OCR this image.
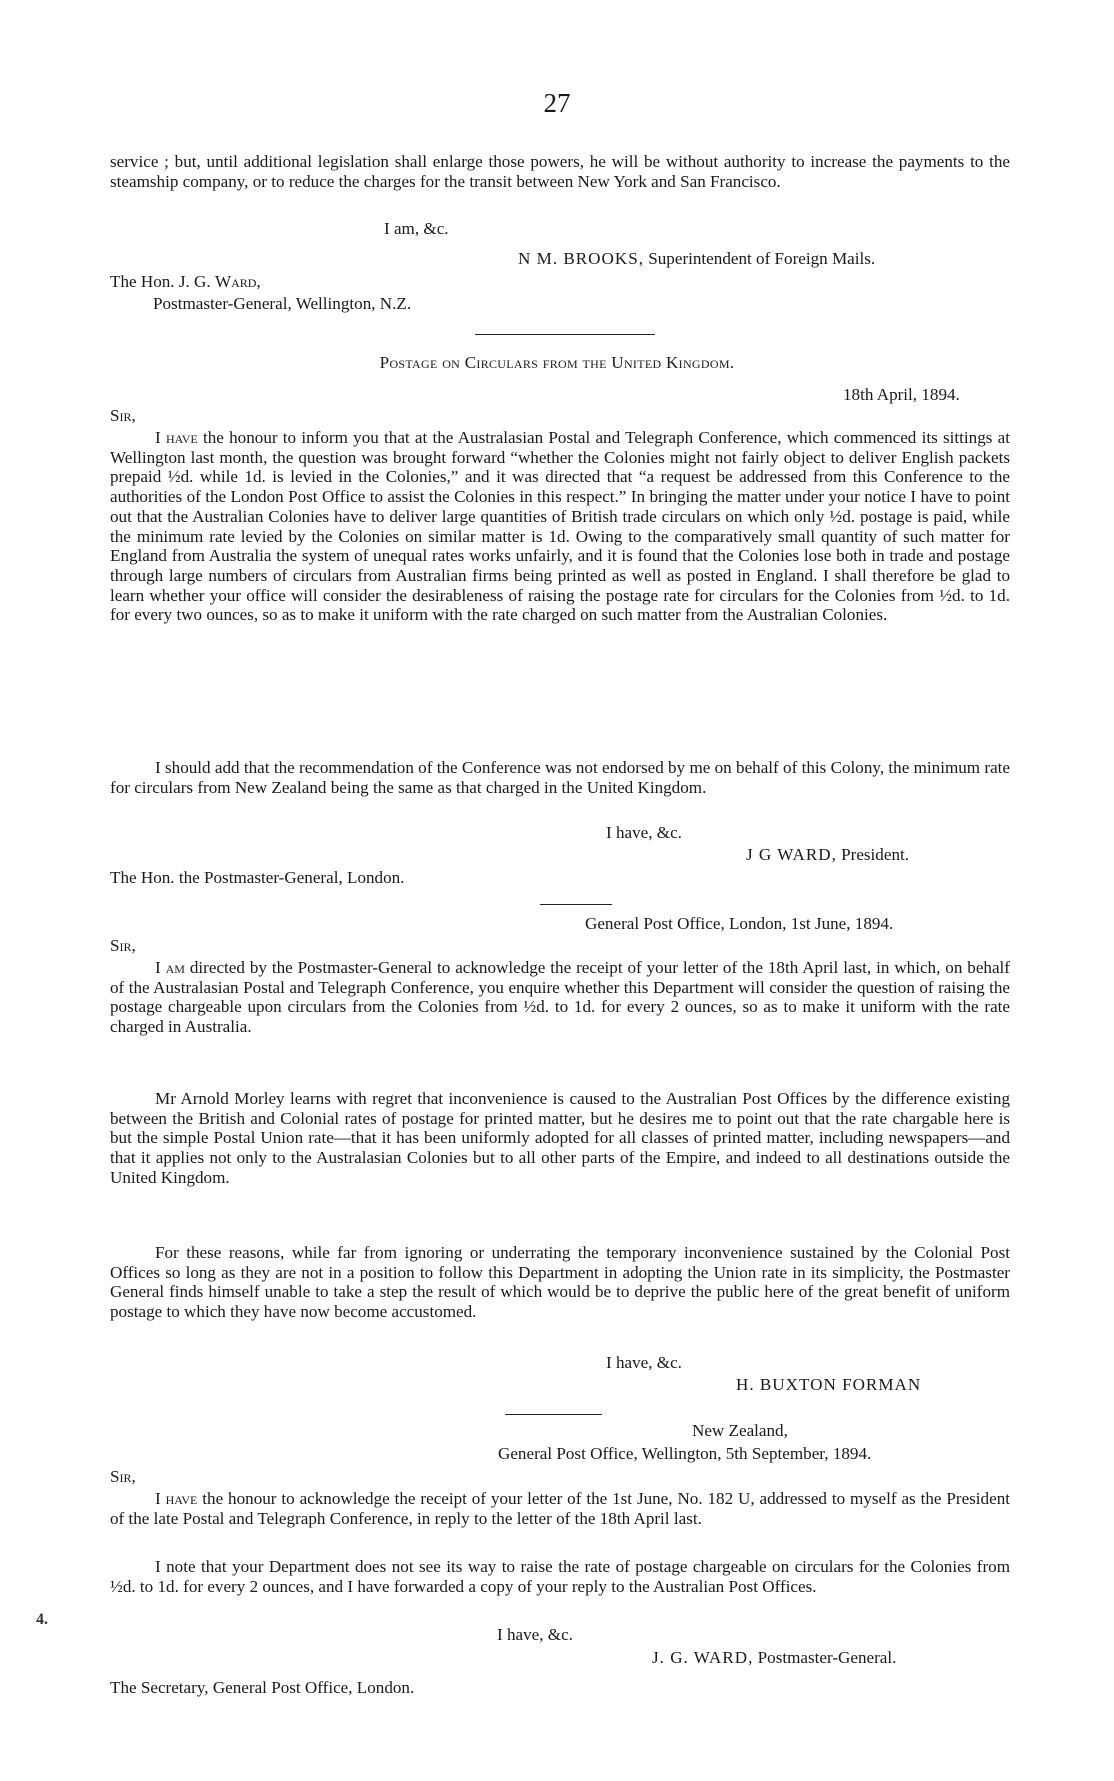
27
service ; but, until additional legislation shall enlarge those powers, he will be without authority to increase the payments to the steamship company, or to reduce the charges for the transit between New York and San Francisco.
I am, &c.
N M. BROOKS, Superintendent of Foreign Mails.
The Hon. J. G. Ward,
Postmaster-General, Wellington, N.Z.
Postage on Circulars from the United Kingdom.
18th April, 1894.
Sir,
I have the honour to inform you that at the Australasian Postal and Telegraph Conference, which commenced its sittings at Wellington last month, the question was brought forward “whether the Colonies might not fairly object to deliver English packets prepaid ½d. while 1d. is levied in the Colonies,” and it was directed that “a request be addressed from this Conference to the authorities of the London Post Office to assist the Colonies in this respect.” In bringing the matter under your notice I have to point out that the Australian Colonies have to deliver large quantities of British trade circulars on which only ½d. postage is paid, while the minimum rate levied by the Colonies on similar matter is 1d. Owing to the comparatively small quantity of such matter for England from Australia the system of unequal rates works unfairly, and it is found that the Colonies lose both in trade and postage through large numbers of circulars from Australian firms being printed as well as posted in England. I shall therefore be glad to learn whether your office will consider the desirableness of raising the postage rate for circulars for the Colonies from ½d. to 1d. for every two ounces, so as to make it uniform with the rate charged on such matter from the Australian Colonies.
I should add that the recommendation of the Conference was not endorsed by me on behalf of this Colony, the minimum rate for circulars from New Zealand being the same as that charged in the United Kingdom.
I have, &c.
J G WARD, President.
The Hon. the Postmaster-General, London.
General Post Office, London, 1st June, 1894.
Sir,
I am directed by the Postmaster-General to acknowledge the receipt of your letter of the 18th April last, in which, on behalf of the Australasian Postal and Telegraph Conference, you enquire whether this Department will consider the question of raising the postage chargeable upon circulars from the Colonies from ½d. to 1d. for every 2 ounces, so as to make it uniform with the rate charged in Australia.
Mr Arnold Morley learns with regret that inconvenience is caused to the Australian Post Offices by the difference existing between the British and Colonial rates of postage for printed matter, but he desires me to point out that the rate chargable here is but the simple Postal Union rate—that it has been uniformly adopted for all classes of printed matter, including newspapers—and that it applies not only to the Australasian Colonies but to all other parts of the Empire, and indeed to all destinations outside the United Kingdom.
For these reasons, while far from ignoring or underrating the temporary inconvenience sustained by the Colonial Post Offices so long as they are not in a position to follow this Department in adopting the Union rate in its simplicity, the Postmaster General finds himself unable to take a step the result of which would be to deprive the public here of the great benefit of uniform postage to which they have now become accustomed.
I have, &c.
H. BUXTON FORMAN
New Zealand,
General Post Office, Wellington, 5th September, 1894.
Sir,
I have the honour to acknowledge the receipt of your letter of the 1st June, No. 182 U, addressed to myself as the President of the late Postal and Telegraph Conference, in reply to the letter of the 18th April last.
I note that your Department does not see its way to raise the rate of postage chargeable on circulars for the Colonies from ½d. to 1d. for every 2 ounces, and I have forwarded a copy of your reply to the Australian Post Offices.
I have, &c.
J. G. WARD, Postmaster-General.
The Secretary, General Post Office, London.
4.
